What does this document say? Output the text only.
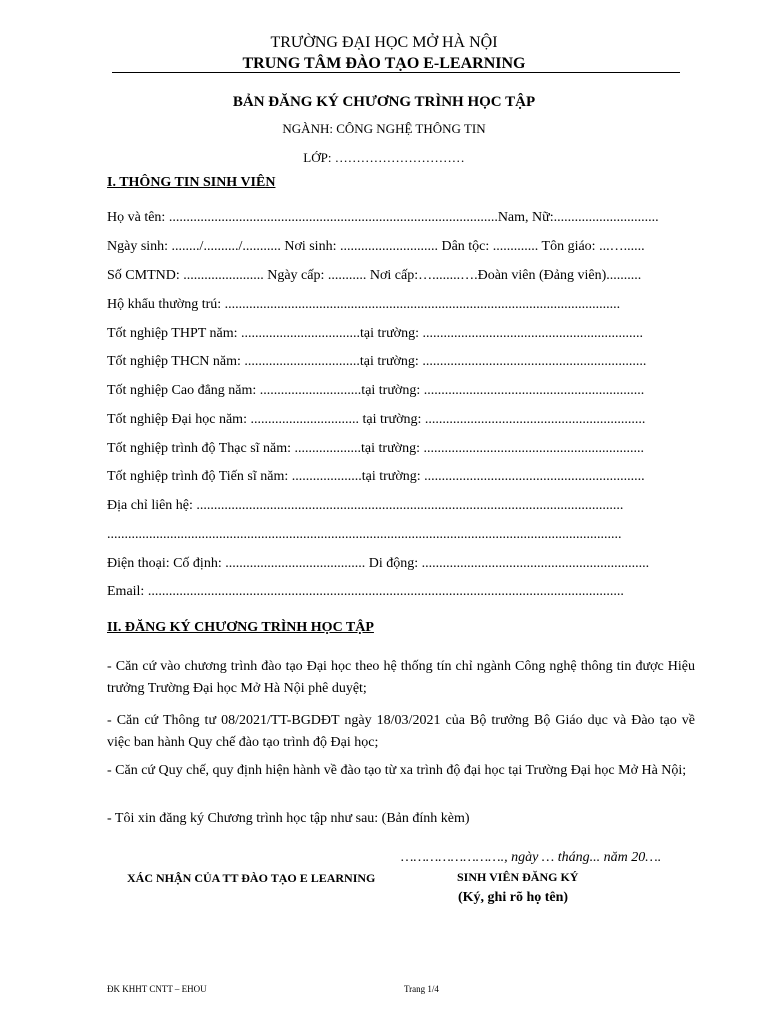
TRƯỜNG ĐẠI HỌC MỞ HÀ NỘI
TRUNG TÂM ĐÀO TẠO E-LEARNING
BẢN ĐĂNG KÝ CHƯƠNG TRÌNH HỌC TẬP
NGÀNH: CÔNG NGHỆ THÔNG TIN
LỚP: …………………………
I. THÔNG TIN SINH VIÊN
Họ và tên: ..............................................................................................Nam, Nữ:..............................
Ngày sinh: ......../........../........... Nơi sinh: ............................ Dân tộc: ............. Tôn giáo: ...…......
Số CMTND: ....................... Ngày cấp: ........... Nơi cấp:…........….Đoàn viên (Đảng viên)..........
Hộ khẩu thường trú: .................................................................................................................
Tốt nghiệp THPT năm: ..................................tại trường: ...............................................................
Tốt nghiệp THCN năm: .................................tại trường: ................................................................
Tốt nghiệp Cao đẳng năm: .............................tại trường: ...............................................................
Tốt nghiệp Đại học năm: ............................... tại trường: ...............................................................
Tốt nghiệp trình độ Thạc sĩ năm: ...................tại trường: ...............................................................
Tốt nghiệp trình độ Tiến sĩ năm: ....................tại trường: ...............................................................
Địa chỉ liên hệ: ..........................................................................................................................
...................................................................................................................................................
Điện thoại: Cố định: ........................................ Di động: .................................................................
Email: ........................................................................................................................................
II. ĐĂNG KÝ CHƯƠNG TRÌNH HỌC TẬP
- Căn cứ vào chương trình đào tạo Đại học theo hệ thống tín chỉ ngành Công nghệ thông tin được Hiệu trưởng Trường Đại học Mở Hà Nội phê duyệt;
- Căn cứ Thông tư 08/2021/TT-BGDĐT ngày 18/03/2021 của Bộ trưởng Bộ Giáo dục và Đào tạo về việc ban hành Quy chế đào tạo trình độ Đại học;
- Căn cứ Quy chế, quy định hiện hành về đào tạo từ xa trình độ đại học tại Trường Đại học Mở Hà Nội;
- Tôi xin đăng ký Chương trình học tập như sau: (Bản đính kèm)
……………………., ngày … tháng... năm 20….
XÁC NHẬN CỦA TT ĐÀO TẠO E LEARNING	SINH VIÊN ĐĂNG KÝ
(Ký, ghi rõ họ tên)
ĐK KHHT CNTT – EHOU	Trang 1/4
